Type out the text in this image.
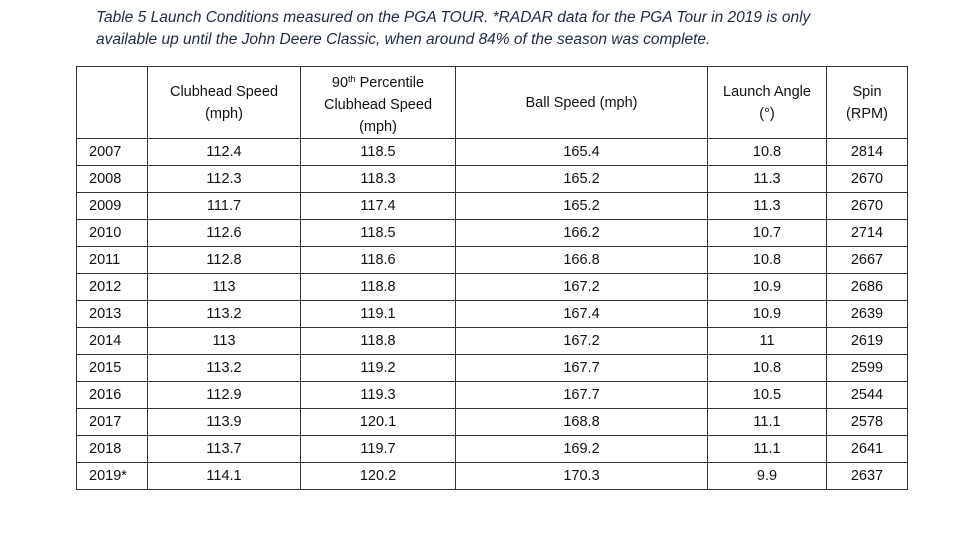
Table 5 Launch Conditions measured on the PGA TOUR. *RADAR data for the PGA Tour in 2019 is only
available up until the John Deere Classic, when around 84% of the season was complete.

	Clubhead Speed
(mph)	90th Percentile
Clubhead Speed
(mph)	Ball Speed (mph)	Launch Angle
(°)	Spin
(RPM)

2007	112.4	118.5	165.4	10.8	2814
2008	112.3	118.3	165.2	11.3	2670
2009	111.7	117.4	165.2	11.3	2670
2010	112.6	118.5	166.2	10.7	2714
2011	112.8	118.6	166.8	10.8	2667
2012	113	118.8	167.2	10.9	2686
2013	113.2	119.1	167.4	10.9	2639
2014	113	118.8	167.2	11	2619
2015	113.2	119.2	167.7	10.8	2599
2016	112.9	119.3	167.7	10.5	2544
2017	113.9	120.1	168.8	11.1	2578
2018	113.7	119.7	169.2	11.1	2641
2019*	114.1	120.2	170.3	9.9	2637
